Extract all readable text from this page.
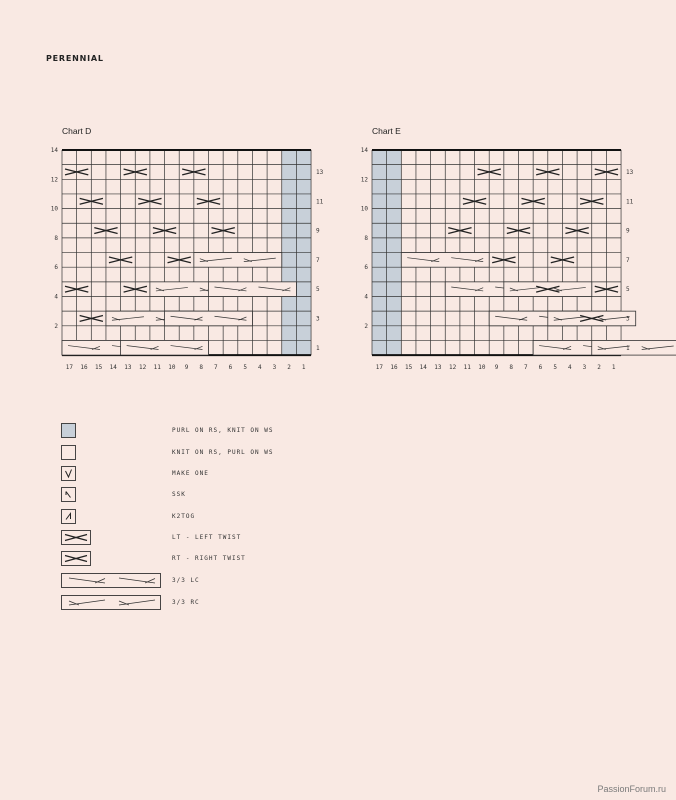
PERENNIAL
Chart D	Chart E
17 16 15 14 13 12 11 10 9 8 7 6 5 4 3 2 1
14
12
10
8
6
4
2
13
11
9
7
5
3
1
17 16 15 14 13 12 11 10 9 8 7 6 5 4 3 2 1
14
12
10
8
6
4
2
13
11
9
7
5
3
1
PURL ON RS, KNIT ON WS
KNIT ON RS, PURL ON WS
MAKE ONE
SSK
K2TOG
LT - LEFT TWIST
RT - RIGHT TWIST
3/3 LC
3/3 RC
PassionForum.ru
